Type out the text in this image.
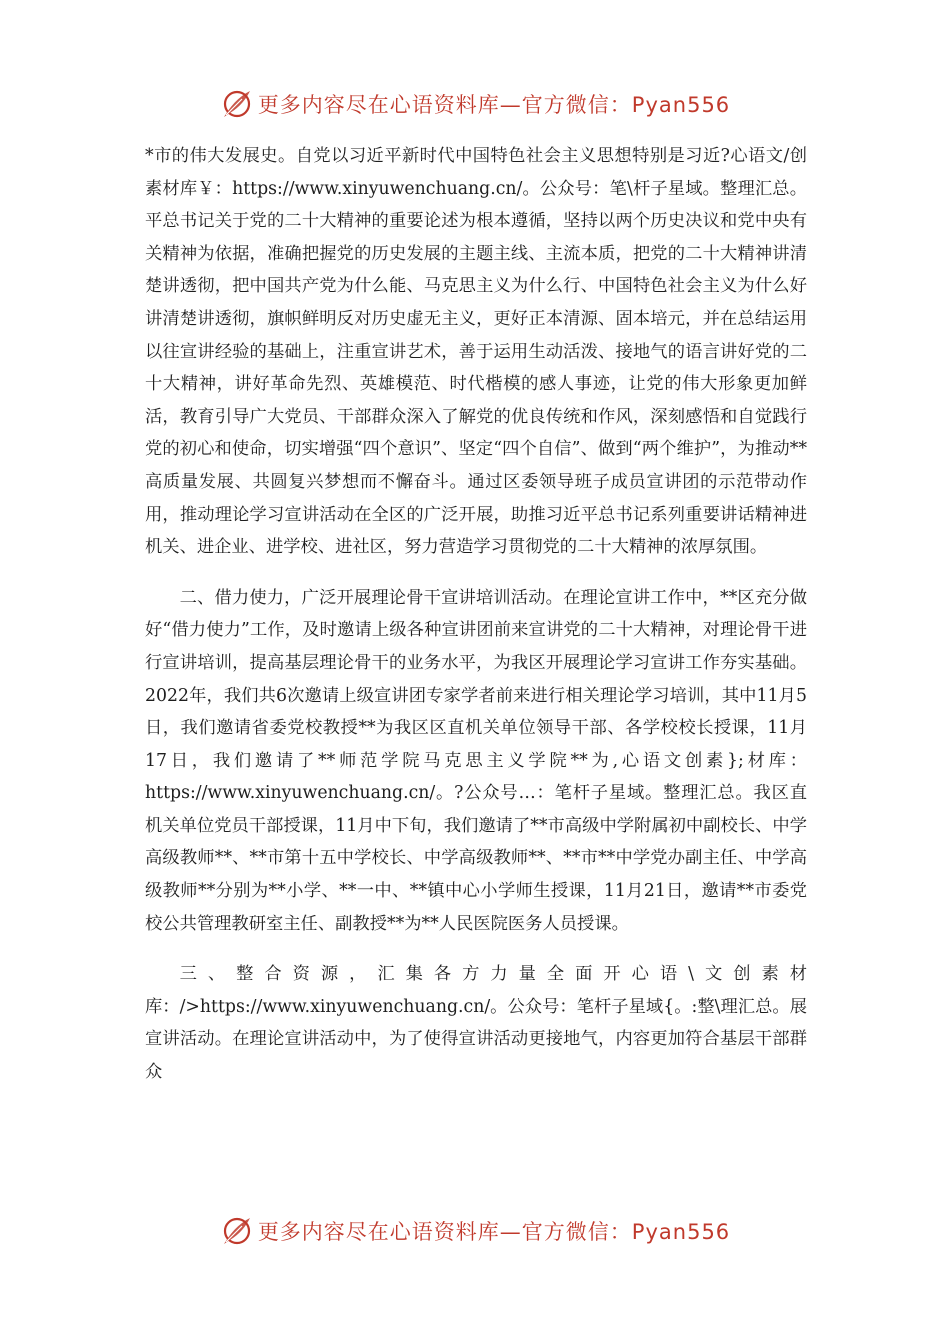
更多内容尽在心语资料库—官方微信：Pyan556

*市的伟大发展史。自党以习近平新时代中国特色社会主义思想特别是习近?心语文/创素材库￥：https://www.xinyuwenchuang.cn/。公众号：笔\杆子星域。整理汇总。平总书记关于党的二十大精神的重要论述为根本遵循，坚持以两个历史决议和党中央有关精神为依据，准确把握党的历史发展的主题主线、主流本质，把党的二十大精神讲清楚讲透彻，把中国共产党为什么能、马克思主义为什么行、中国特色社会主义为什么好讲清楚讲透彻，旗帜鲜明反对历史虚无主义，更好正本清源、固本培元，并在总结运用以往宣讲经验的基础上，注重宣讲艺术，善于运用生动活泼、接地气的语言讲好党的二十大精神，讲好革命先烈、英雄模范、时代楷模的感人事迹，让党的伟大形象更加鲜活，教育引导广大党员、干部群众深入了解党的优良传统和作风，深刻感悟和自觉践行党的初心和使命，切实增强“四个意识”、坚定“四个自信”、做到“两个维护”，为推动**高质量发展、共圆复兴梦想而不懈奋斗。通过区委领导班子成员宣讲团的示范带动作用，推动理论学习宣讲活动在全区的广泛开展，助推习近平总书记系列重要讲话精神进机关、进企业、进学校、进社区，努力营造学习贯彻党的二十大精神的浓厚氛围。

二、借力使力，广泛开展理论骨干宣讲培训活动。在理论宣讲工作中，**区充分做好“借力使力”工作，及时邀请上级各种宣讲团前来宣讲党的二十大精神，对理论骨干进行宣讲培训，提高基层理论骨干的业务水平，为我区开展理论学习宣讲工作夯实基础。2022年，我们共6次邀请上级宣讲团专家学者前来进行相关理论学习培训，其中11月5日，我们邀请省委党校教授**为我区区直机关单位领导干部、各学校校长授课，11月17日，我们邀请了**师范学院马克思主义学院**为,心语文创素};材库：https://www.xinyuwenchuang.cn/。?公众号…：笔杆子星域。整理汇总。我区直机关单位党员干部授课，11月中下旬，我们邀请了**市高级中学附属初中副校长、中学高级教师**、**市第十五中学校长、中学高级教师**、**市**中学党办副主任、中学高级教师**分别为**小学、**一中、**镇中心小学师生授课，11月21日，邀请**市委党校公共管理教研室主任、副教授**为**人民医院医务人员授课。

三、整合资源，汇集各方力量全面开心语\文创素材库：/>https://www.xinyuwenchuang.cn/。公众号：笔杆子星域{。:整\理汇总。展宣讲活动。在理论宣讲活动中，为了使得宣讲活动更接地气，内容更加符合基层干部群众

更多内容尽在心语资料库—官方微信：Pyan556
